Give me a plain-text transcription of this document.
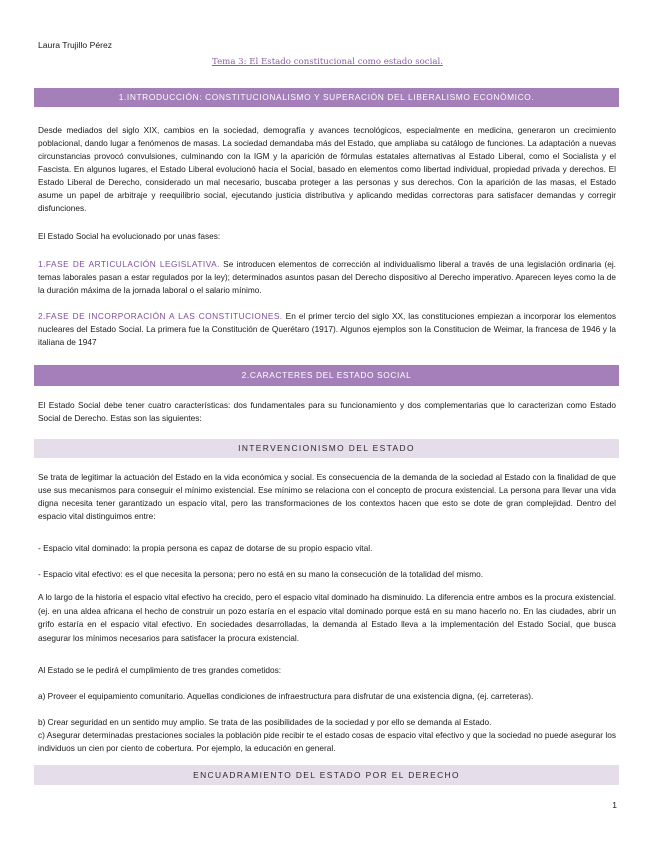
Laura Trujillo Pérez
Tema 3: El Estado constitucional como estado social.
1.INTRODUCCIÓN: CONSTITUCIONALISMO Y SUPERACIÓN DEL LIBERALISMO ECONÓMICO.
Desde mediados del siglo XIX, cambios en la sociedad, demografía y avances tecnológicos, especialmente en medicina, generaron un crecimiento poblacional, dando lugar a fenómenos de masas. La sociedad demandaba más del Estado, que ampliaba su catálogo de funciones. La adaptación a nuevas circunstancias provocó convulsiones, culminando con la IGM y la aparición de fórmulas estatales alternativas al Estado Liberal, como el Socialista y el Fascista. En algunos lugares, el Estado Liberal evolucionó hacia el Social, basado en elementos como libertad individual, propiedad privada y derechos. El Estado Liberal de Derecho, considerado un mal necesario, buscaba proteger a las personas y sus derechos. Con la aparición de las masas, el Estado asume un papel de arbitraje y reequilibrio social, ejecutando justicia distributiva y aplicando medidas correctoras para satisfacer demandas y corregir disfunciones.
El Estado Social ha evolucionado por unas fases:
1.FASE DE ARTICULACIÓN LEGISLATIVA. Se introducen elementos de corrección al individualismo liberal a través de una legislación ordinaria (ej. temas laborales pasan a estar regulados por la ley); determinados asuntos pasan del Derecho dispositivo al Derecho imperativo. Aparecen leyes como la de la duración máxima de la jornada laboral o el salario mínimo.
2.FASE DE INCORPORACIÓN A LAS CONSTITUCIONES. En el primer tercio del siglo XX, las constituciones empiezan a incorporar los elementos nucleares del Estado Social. La primera fue la Constitución de Querétaro (1917). Algunos ejemplos son la Constitucion de Weimar, la francesa de 1946 y la italiana de 1947
2.CARACTERES DEL ESTADO SOCIAL
El Estado Social debe tener cuatro características: dos fundamentales para su funcionamiento y dos complementarias que lo caracterizan como Estado Social de Derecho. Estas son las siguientes:
INTERVENCIONISMO DEL ESTADO
Se trata de legitimar la actuación del Estado en la vida económica y social. Es consecuencia de la demanda de la sociedad al Estado con la finalidad de que use sus mecanismos para conseguir el mínimo existencial. Ese mínimo se relaciona con el concepto de procura existencial. La persona para llevar una vida digna necesita tener garantizado un espacio vital, pero las transformaciones de los contextos hacen que esto se dote de gran complejidad. Dentro del espacio vital distinguimos entre:
- Espacio vital dominado: la propia persona es capaz de dotarse de su propio espacio vital.
- Espacio vital efectivo: es el que necesita la persona; pero no está en su mano la consecución de la totalidad del mismo.
A lo largo de la historia el espacio vital efectivo ha crecido, pero el espacio vital dominado ha disminuido. La diferencia entre ambos es la procura existencial. (ej. en una aldea africana el hecho de construir un pozo estaría en el espacio vital dominado porque está en su mano hacerlo no. En las ciudades, abrir un grifo estaría en el espacio vital efectivo. En sociedades desarrolladas, la demanda al Estado lleva a la implementación del Estado Social, que busca asegurar los mínimos necesarios para satisfacer la procura existencial.
Al Estado se le pedirá el cumplimiento de tres grandes cometidos:
a) Proveer el equipamiento comunitario. Aquellas condiciones de infraestructura para disfrutar de una existencia digna, (ej. carreteras).
b) Crear seguridad en un sentido muy amplio. Se trata de las posibilidades de la sociedad y por ello se demanda al Estado.
c) Asegurar determinadas prestaciones sociales la población pide recibir te el estado cosas de espacio vital efectivo y que la sociedad no puede asegurar los individuos un cien por ciento de cobertura. Por ejemplo, la educación en general.
ENCUADRAMIENTO DEL ESTADO POR EL DERECHO
1
